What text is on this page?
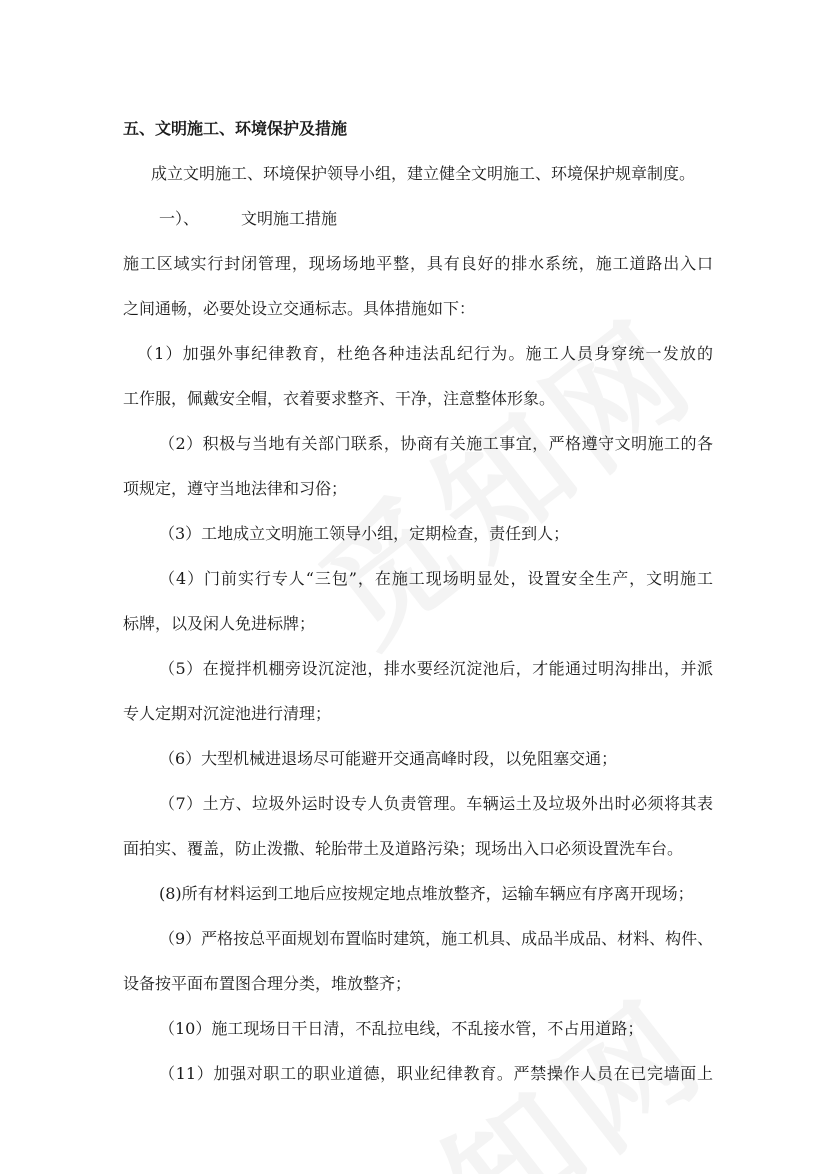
五、文明施工、环境保护及措施
成立文明施工、环境保护领导小组，建立健全文明施工、环境保护规章制度。
一）、	文明施工措施
施工区域实行封闭管理，现场场地平整，具有良好的排水系统，施工道路出入口
之间通畅，必要处设立交通标志。具体措施如下：
（1）加强外事纪律教育，杜绝各种违法乱纪行为。施工人员身穿统一发放的
工作服，佩戴安全帽，衣着要求整齐、干净，注意整体形象。
（2）积极与当地有关部门联系，协商有关施工事宜，严格遵守文明施工的各
项规定，遵守当地法律和习俗；
（3）工地成立文明施工领导小组，定期检查，责任到人；
（4）门前实行专人“三包”，在施工现场明显处，设置安全生产，文明施工
标牌，以及闲人免进标牌；
（5）在搅拌机棚旁设沉淀池，排水要经沉淀池后，才能通过明沟排出，并派
专人定期对沉淀池进行清理；
（6）大型机械进退场尽可能避开交通高峰时段，以免阻塞交通；
（7）土方、垃圾外运时设专人负责管理。车辆运土及垃圾外出时必须将其表
面拍实、覆盖，防止泼撒、轮胎带土及道路污染；现场出入口必须设置洗车台。
(8)所有材料运到工地后应按规定地点堆放整齐，运输车辆应有序离开现场；
（9）严格按总平面规划布置临时建筑，施工机具、成品半成品、材料、构件、
设备按平面布置图合理分类，堆放整齐；
（10）施工现场日干日清，不乱拉电线，不乱接水管，不占用道路；
（11）加强对职工的职业道德，职业纪律教育。严禁操作人员在已完墙面上
